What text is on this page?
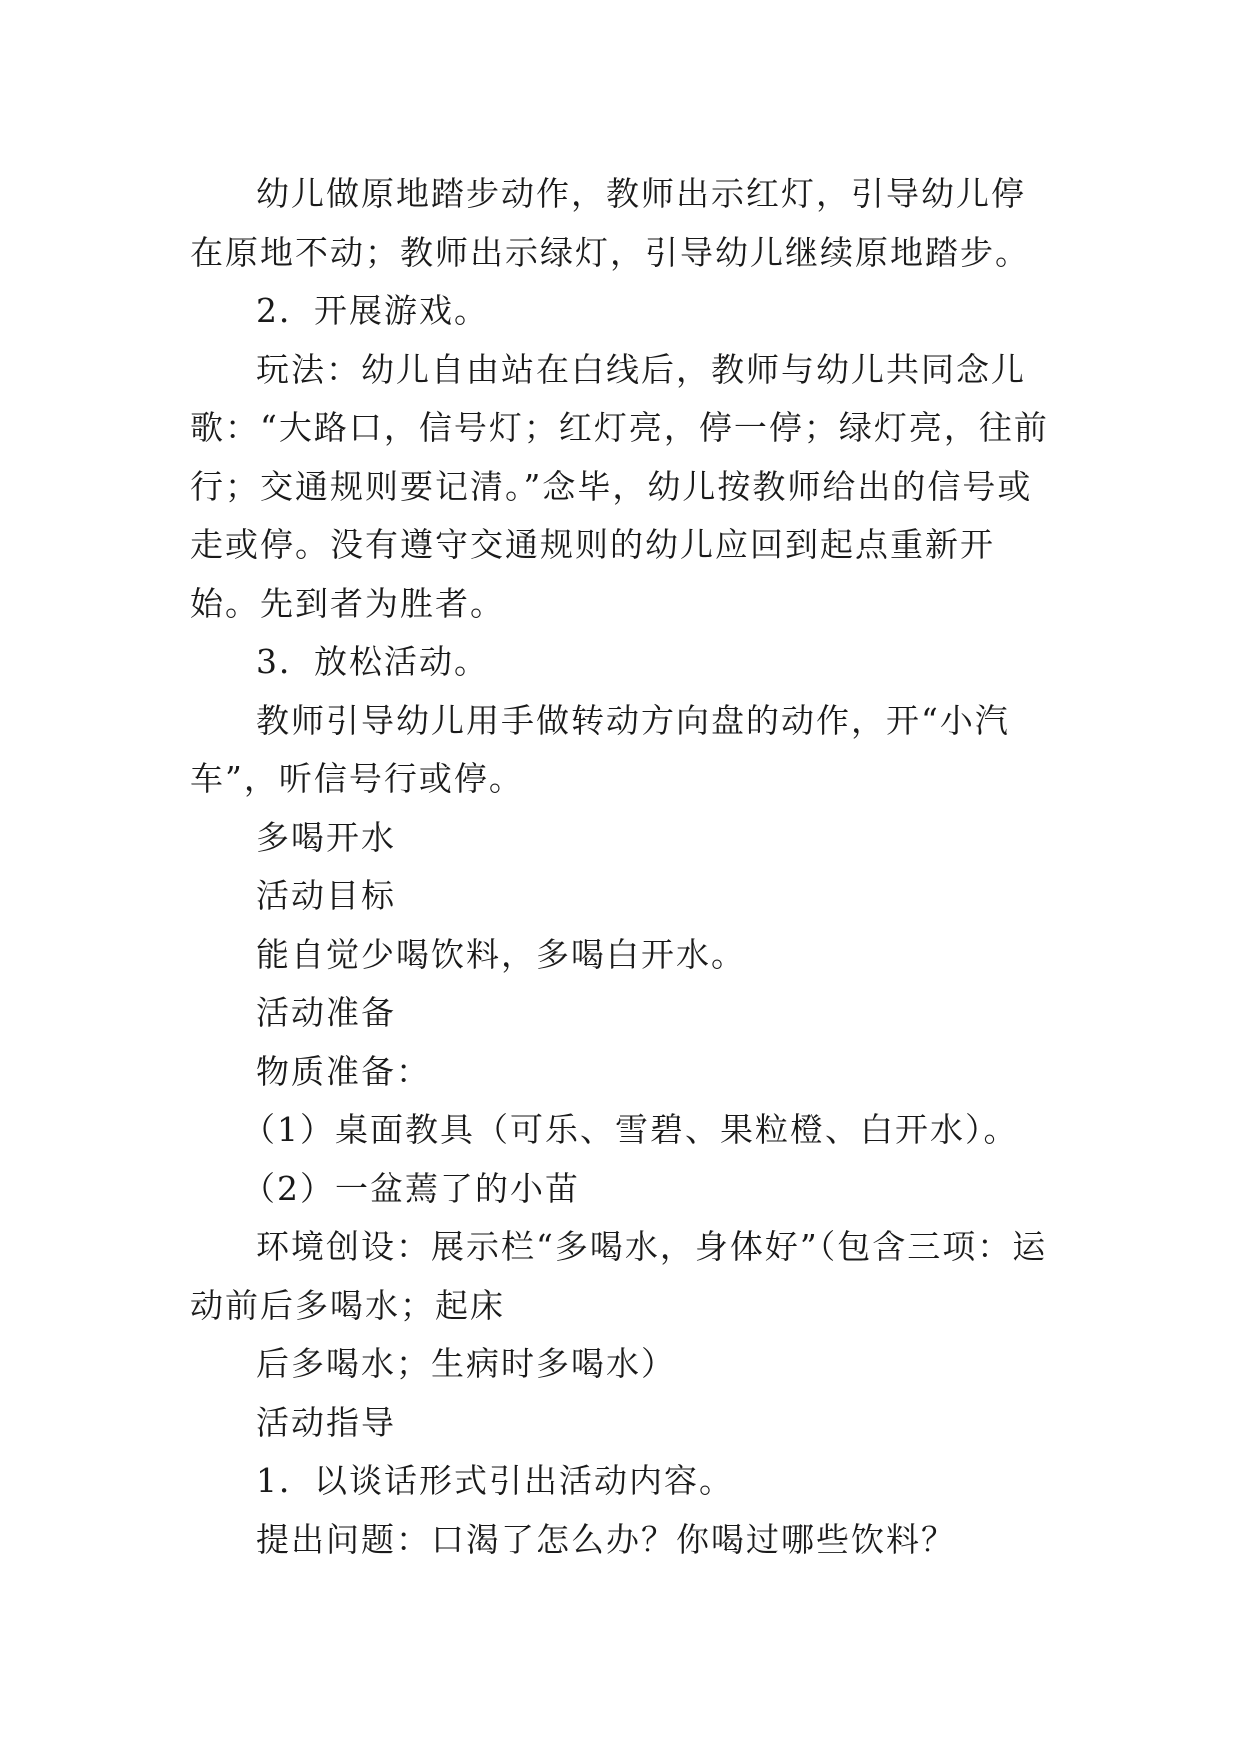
幼儿做原地踏步动作，教师出示红灯，引导幼儿停在原地不动；教师出示绿灯，引导幼儿继续原地踏步。

2．开展游戏。

玩法：幼儿自由站在白线后，教师与幼儿共同念儿歌：“大路口，信号灯；红灯亮，停一停；绿灯亮，往前行；交通规则要记清。”念毕，幼儿按教师给出的信号或走或停。没有遵守交通规则的幼儿应回到起点重新开始。先到者为胜者。

3．放松活动。

教师引导幼儿用手做转动方向盘的动作，开“小汽车”，听信号行或停。

多喝开水

活动目标

能自觉少喝饮料，多喝白开水。

活动准备

物质准备：

（1）桌面教具（可乐、雪碧、果粒橙、白开水）。

（2）一盆蔫了的小苗

环境创设：展示栏“多喝水，身体好”（包含三项：运动前后多喝水；起床

后多喝水；生病时多喝水）

活动指导

1．以谈话形式引出活动内容。

提出问题：口渴了怎么办？你喝过哪些饮料？
